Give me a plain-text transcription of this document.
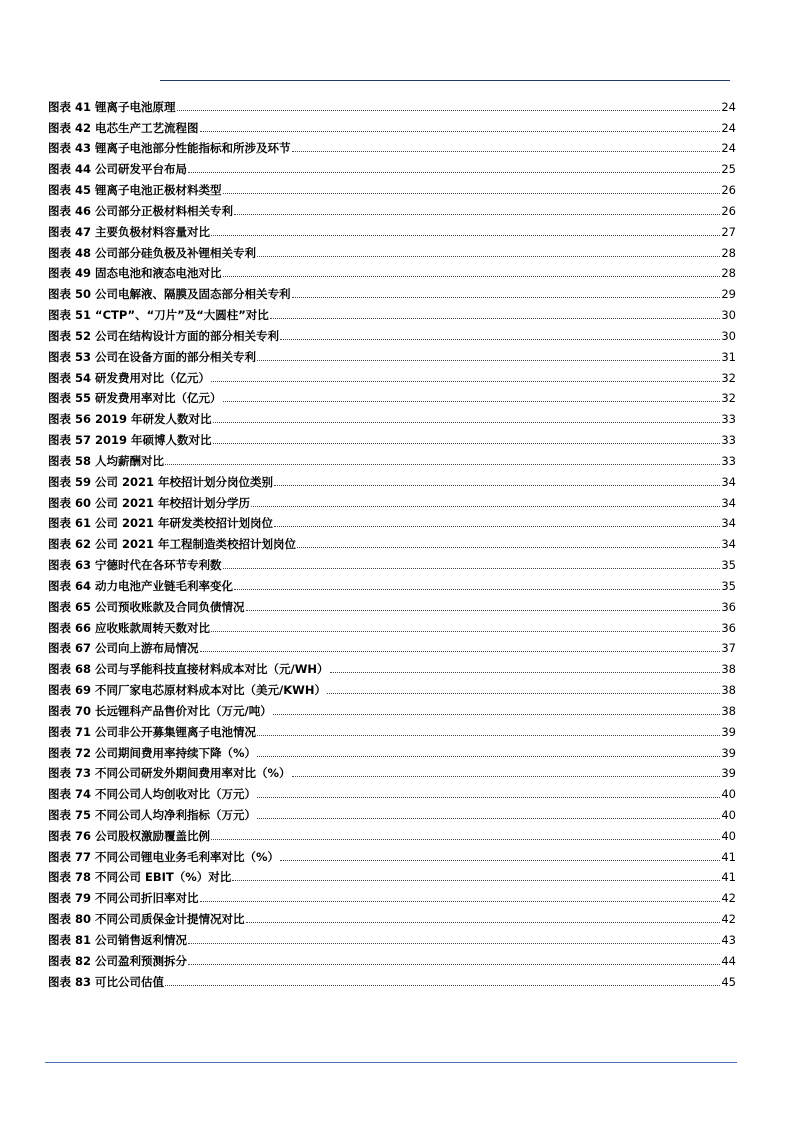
图表 41 锂离子电池原理	24
图表 42 电芯生产工艺流程图	24
图表 43 锂离子电池部分性能指标和所涉及环节	24
图表 44 公司研发平台布局	25
图表 45 锂离子电池正极材料类型	26
图表 46 公司部分正极材料相关专利	26
图表 47 主要负极材料容量对比	27
图表 48 公司部分硅负极及补锂相关专利	28
图表 49 固态电池和液态电池对比	28
图表 50 公司电解液、隔膜及固态部分相关专利	29
图表 51 “CTP”、“刀片”及“大圆柱”对比	30
图表 52 公司在结构设计方面的部分相关专利	30
图表 53 公司在设备方面的部分相关专利	31
图表 54 研发费用对比（亿元）	32
图表 55 研发费用率对比（亿元）	32
图表 56 2019 年研发人数对比	33
图表 57 2019 年硕博人数对比	33
图表 58 人均薪酬对比	33
图表 59 公司 2021 年校招计划分岗位类别	34
图表 60 公司 2021 年校招计划分学历	34
图表 61 公司 2021 年研发类校招计划岗位	34
图表 62 公司 2021 年工程制造类校招计划岗位	34
图表 63 宁德时代在各环节专利数	35
图表 64 动力电池产业链毛利率变化	35
图表 65 公司预收账款及合同负债情况	36
图表 66 应收账款周转天数对比	36
图表 67 公司向上游布局情况	37
图表 68 公司与孚能科技直接材料成本对比（元/WH）	38
图表 69 不同厂家电芯原材料成本对比（美元/KWH）	38
图表 70 长远锂科产品售价对比（万元/吨）	38
图表 71 公司非公开募集锂离子电池情况	39
图表 72 公司期间费用率持续下降（%）	39
图表 73 不同公司研发外期间费用率对比（%）	39
图表 74 不同公司人均创收对比（万元）	40
图表 75 不同公司人均净利指标（万元）	40
图表 76 公司股权激励覆盖比例	40
图表 77 不同公司锂电业务毛利率对比（%）	41
图表 78 不同公司 EBIT（%）对比	41
图表 79 不同公司折旧率对比	42
图表 80 不同公司质保金计提情况对比	42
图表 81 公司销售返利情况	43
图表 82 公司盈利预测拆分	44
图表 83 可比公司估值	45
